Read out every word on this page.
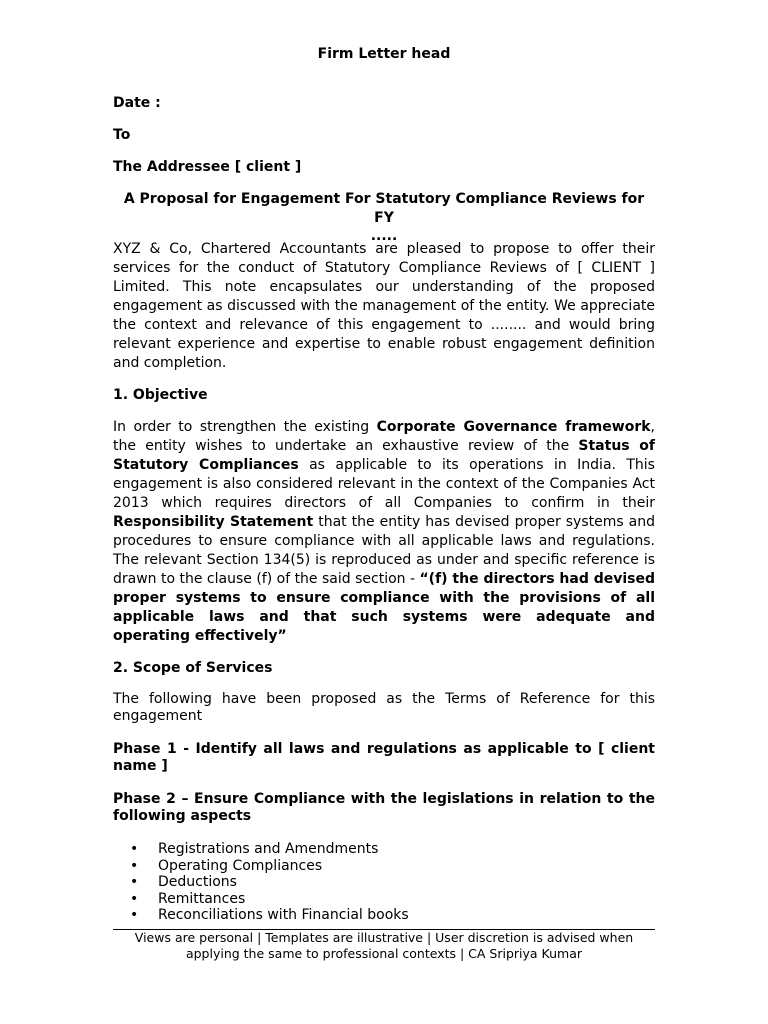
Firm Letter head
Date :
To
The Addressee [ client ]
A Proposal for Engagement For Statutory Compliance Reviews for FY
.....
XYZ & Co, Chartered Accountants are pleased to propose to offer their
services for the conduct of Statutory Compliance Reviews of [ CLIENT ]
Limited. This note encapsulates our understanding of the proposed
engagement as discussed with the management of the entity. We appreciate
the context and relevance of this engagement to ........ and would bring
relevant experience and expertise to enable robust engagement definition
and completion.
1. Objective
In order to strengthen the existing Corporate Governance framework, the entity wishes to undertake an exhaustive review of the Status of Statutory Compliances as applicable to its operations in India. This engagement is also considered relevant in the context of the Companies Act 2013 which requires directors of all Companies to confirm in their Responsibility Statement that the entity has devised proper systems and procedures to ensure compliance with all applicable laws and regulations. The relevant Section 134(5) is reproduced as under and specific reference is drawn to the clause (f) of the said section - “(f) the directors had devised proper systems to ensure compliance with the provisions of all applicable laws and that such systems were adequate and operating effectively”
2. Scope of Services
The following have been proposed as the Terms of Reference for this engagement
Phase 1 - Identify all laws and regulations as applicable to [ client name ]
Phase 2 – Ensure Compliance with the legislations in relation to the following aspects
• Registrations and Amendments
• Operating Compliances
• Deductions
• Remittances
• Reconciliations with Financial books
Views are personal | Templates are illustrative | User discretion is advised when
applying the same to professional contexts | CA Sripriya Kumar
